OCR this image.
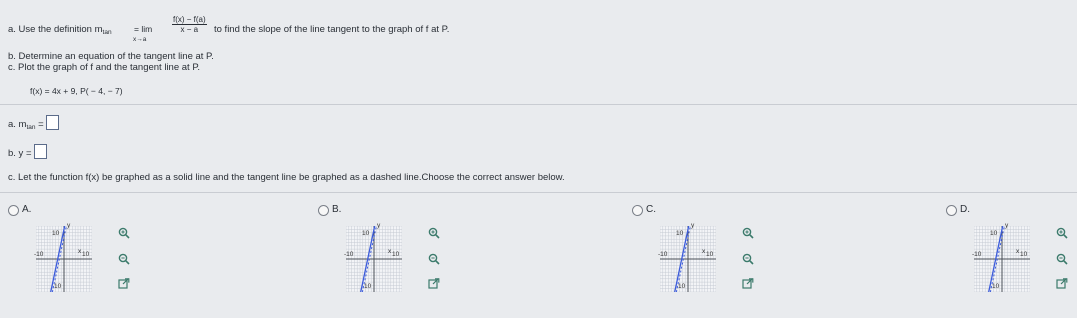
a. Use the definition $m_{tan}$	= lim
x→a
$\frac{f(x) - f(a)}{x - a}$ to find the slope of the line tangent to the graph of f at P.
b. Determine an equation of the tangent line at P.
c. Plot the graph of f and the tangent line at P.
f(x) = 4x + 9, P( − 4, − 7)
a. $m_{tan}$ =
b. y =
c. Let the function f(x) be graphed as a solid line and the tangent line be graphed as a dashed line.Choose the correct answer below.
A.
10
10
-10	10
y
x
B.
10
10
-10	10
y
x
C.
10
10
-10	10
y
x
D.
10
10
-10	10
y
x
